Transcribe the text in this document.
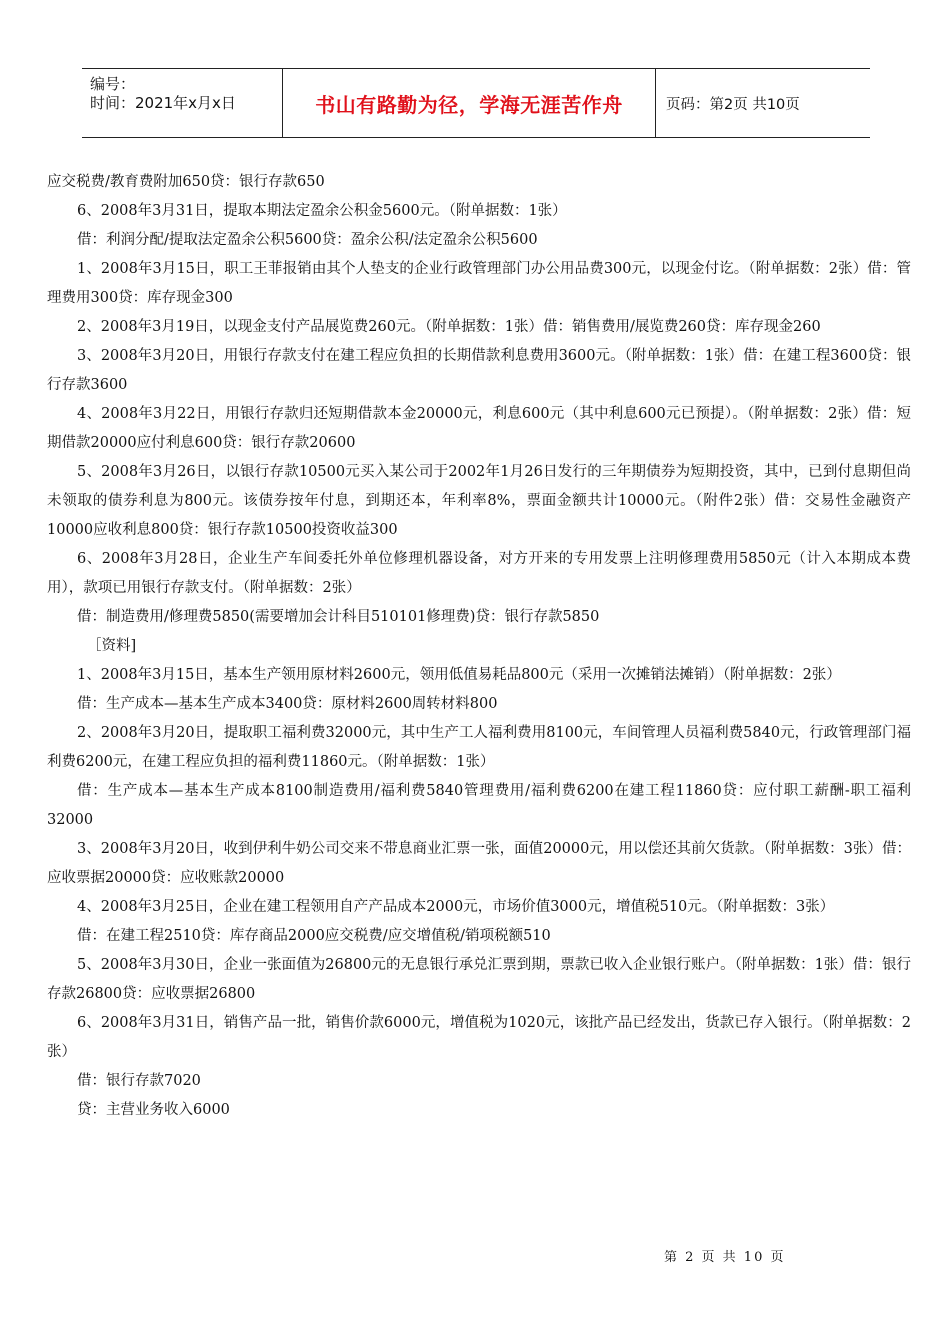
编号：
时间：2021年x月x日	书山有路勤为径，学海无涯苦作舟	页码：第2页 共10页

应交税费/教育费附加650贷：银行存款650

6、2008年3月31日，提取本期法定盈余公积金5600元。（附单据数：1张）

借：利润分配/提取法定盈余公积5600贷：盈余公积/法定盈余公积5600

1、2008年3月15日，职工王菲报销由其个人垫支的企业行政管理部门办公用品费300元，以现金付讫。（附单据数：2张）借：管理费用300贷：库存现金300

2、2008年3月19日，以现金支付产品展览费260元。（附单据数：1张）借：销售费用/展览费260贷：库存现金260

3、2008年3月20日，用银行存款支付在建工程应负担的长期借款利息费用3600元。（附单据数：1张）借：在建工程3600贷：银行存款3600

4、2008年3月22日，用银行存款归还短期借款本金20000元，利息600元（其中利息600元已预提）。（附单据数：2张）借：短期借款20000应付利息600贷：银行存款20600

5、2008年3月26日，以银行存款10500元买入某公司于2002年1月26日发行的三年期债券为短期投资，其中，已到付息期但尚未领取的债券利息为800元。该债券按年付息，到期还本，年利率8%，票面金额共计10000元。（附件2张）借：交易性金融资产10000应收利息800贷：银行存款10500投资收益300

6、2008年3月28日，企业生产车间委托外单位修理机器设备，对方开来的专用发票上注明修理费用5850元（计入本期成本费用），款项已用银行存款支付。（附单据数：2张）

借：制造费用/修理费5850(需要增加会计科目510101修理费)贷：银行存款5850

［资料]

1、2008年3月15日，基本生产领用原材料2600元，领用低值易耗品800元（采用一次摊销法摊销）（附单据数：2张）

借：生产成本—基本生产成本3400贷：原材料2600周转材料800

2、2008年3月20日，提取职工福利费32000元，其中生产工人福利费用8100元，车间管理人员福利费5840元，行政管理部门福利费6200元，在建工程应负担的福利费11860元。（附单据数：1张）

借：生产成本—基本生产成本8100制造费用/福利费5840管理费用/福利费6200在建工程11860贷：应付职工薪酬-职工福利32000

3、2008年3月20日，收到伊利牛奶公司交来不带息商业汇票一张，面值20000元，用以偿还其前欠货款。（附单据数：3张）借：应收票据20000贷：应收账款20000

4、2008年3月25日，企业在建工程领用自产产品成本2000元，市场价值3000元，增值税510元。（附单据数：3张）

借：在建工程2510贷：库存商品2000应交税费/应交增值税/销项税额510

5、2008年3月30日，企业一张面值为26800元的无息银行承兑汇票到期，票款已收入企业银行账户。（附单据数：1张）借：银行存款26800贷：应收票据26800

6、2008年3月31日，销售产品一批，销售价款6000元，增值税为1020元，该批产品已经发出，货款已存入银行。（附单据数：2张）

借：银行存款7020

贷：主营业务收入6000

第 2 页 共 10 页
